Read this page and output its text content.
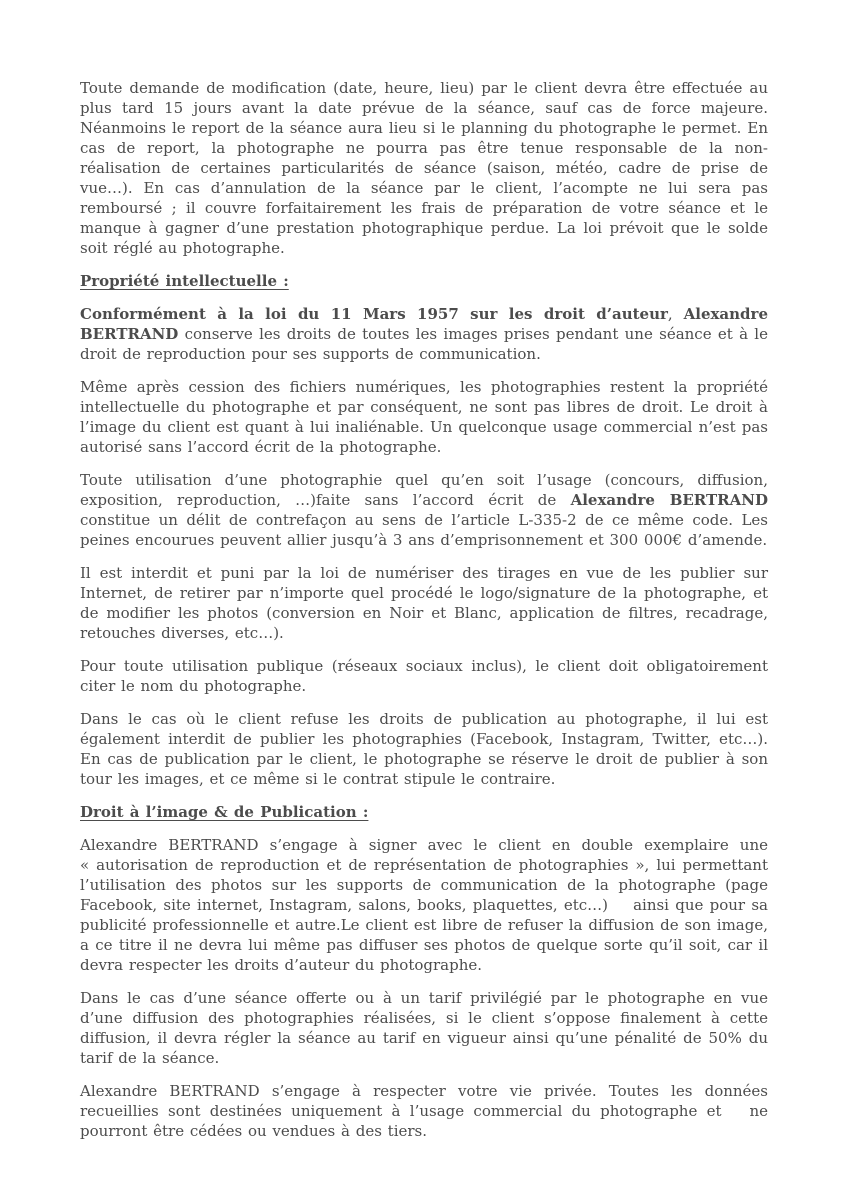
Toute demande de modification (date, heure, lieu) par le client devra être effectuée au plus tard 15 jours avant la date prévue de la séance, sauf cas de force majeure. Néanmoins le report de la séance aura lieu si le planning du photographe le permet. En cas de report, la photographe ne pourra pas être tenue responsable de la non-réalisation de certaines particularités de séance (saison, météo, cadre de prise de vue…). En cas d’annulation de la séance par le client, l’acompte ne lui sera pas remboursé ; il couvre forfaitairement les frais de préparation de votre séance et le manque à gagner d’une prestation photographique perdue. La loi prévoit que le solde soit réglé au photographe.

Propriété intellectuelle :

Conformément à la loi du 11 Mars 1957 sur les droit d’auteur, Alexandre BERTRAND conserve les droits de toutes les images prises pendant une séance et à le droit de reproduction pour ses supports de communication.

Même après cession des fichiers numériques, les photographies restent la propriété intellectuelle du photographe et par conséquent, ne sont pas libres de droit. Le droit à l’image du client est quant à lui inaliénable. Un quelconque usage commercial n’est pas autorisé sans l’accord écrit de la photographe.

Toute utilisation d’une photographie quel qu’en soit l’usage (concours, diffusion, exposition, reproduction, …)faite sans l’accord écrit de Alexandre BERTRAND constitue un délit de contrefaçon au sens de l’article L-335-2 de ce même code. Les peines encourues peuvent allier jusqu’à 3 ans d’emprisonnement et 300 000€ d’amende.

Il est interdit et puni par la loi de numériser des tirages en vue de les publier sur Internet, de retirer par n’importe quel procédé le logo/signature de la photographe, et de modifier les photos (conversion en Noir et Blanc, application de filtres, recadrage, retouches diverses, etc…).

Pour toute utilisation publique (réseaux sociaux inclus), le client doit obligatoirement citer le nom du photographe.

Dans le cas où le client refuse les droits de publication au photographe, il lui est également interdit de publier les photographies (Facebook, Instagram, Twitter, etc…). En cas de publication par le client, le photographe se réserve le droit de publier à son tour les images, et ce même si le contrat stipule le contraire.

Droit à l’image & de Publication :

Alexandre BERTRAND s’engage à signer avec le client en double exemplaire une « autorisation de reproduction et de représentation de photographies », lui permettant l’utilisation des photos sur les supports de communication de la photographe (page Facebook, site internet, Instagram, salons, books, plaquettes, etc…)    ainsi que pour sa publicité professionnelle et autre.Le client est libre de refuser la diffusion de son image, a ce titre il ne devra lui même pas diffuser ses photos de quelque sorte qu’il soit, car il devra respecter les droits d’auteur du photographe.

Dans le cas d’une séance offerte ou à un tarif privilégié par le photographe en vue d’une diffusion des photographies réalisées, si le client s’oppose finalement à cette diffusion, il devra régler la séance au tarif en vigueur ainsi qu’une pénalité de 50% du tarif de la séance.

Alexandre BERTRAND s’engage à respecter votre vie privée. Toutes les données recueillies sont destinées uniquement à l’usage commercial du photographe et   ne pourront être cédées ou vendues à des tiers.
